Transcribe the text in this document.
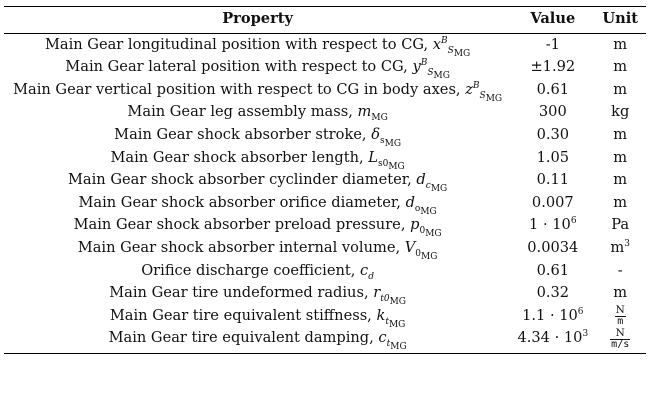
Property	Value	Unit
Main Gear longitudinal position with respect to CG, $x^B_{S_{MG}}$	-1	m
Main Gear lateral position with respect to CG, $y^B_{S_{MG}}$	±1.92	m
Main Gear vertical position with respect to CG in body axes, $z^B_{S_{MG}}$	0.61	m
Main Gear leg assembly mass, $m_{MG}$	300	kg
Main Gear shock absorber stroke, $\delta_{s_{MG}}$	0.30	m
Main Gear shock absorber length, $L_{s0_{MG}}$	1.05	m
Main Gear shock absorber cyclinder diameter, $d_{c_{MG}}$	0.11	m
Main Gear shock absorber orifice diameter, $d_{o_{MG}}$	0.007	m
Main Gear shock absorber preload pressure, $p_{0_{MG}}$	$1 \cdot 10^6$	Pa
Main Gear shock absorber internal volume, $V_{0_{MG}}$	0.0034	$m^3$
Orifice discharge coefficient, $c_d$	0.61	-
Main Gear tire undeformed radius, $r_{t0_{MG}}$	0.32	m
Main Gear tire equivalent stiffness, $k_{t_{MG}}$	$1.1 \cdot 10^6$	$\frac{N}{m}$

Main Gear tire equivalent damping, $c_{t_{MG}}$	$4.34 \cdot 10^3$	$\frac{N}{m/s}$
